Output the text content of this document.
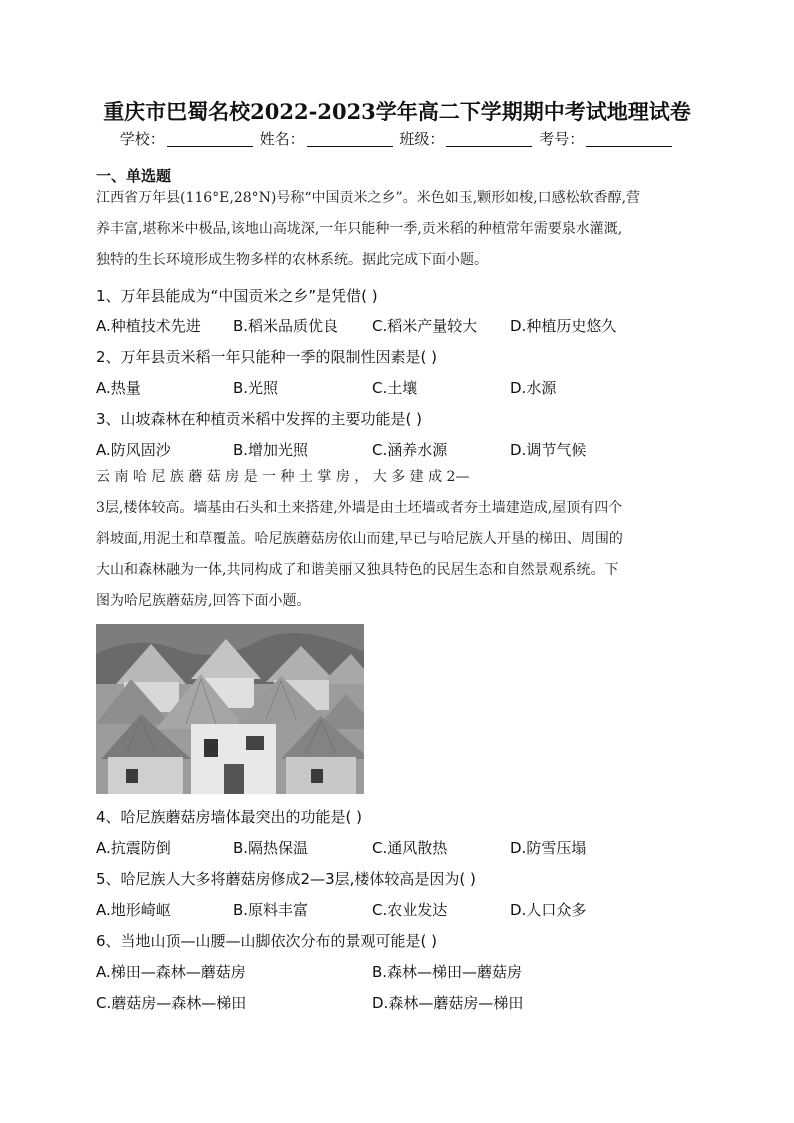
重庆市巴蜀名校2022-2023学年高二下学期期中考试地理试卷
学校：	姓名：	班级：	考号：
一、单选题
江西省万年县(116°E,28°N)号称“中国贡米之乡”。米色如玉,颗形如梭,口感松软香醇,营
养丰富,堪称米中极品,该地山高垅深,一年只能种一季,贡米稻的种植常年需要泉水灌溉,
独特的生长环境形成生物多样的农林系统。据此完成下面小题。
1、万年县能成为“中国贡米之乡”是凭借( )
A.种植技术先进 B.稻米品质优良 C.稻米产量较大 D.种植历史悠久
2、万年县贡米稻一年只能种一季的限制性因素是( )
A.热量	B.光照	C.土壤	D.水源
3、山坡森林在种植贡米稻中发挥的主要功能是( )
A.防风固沙	B.增加光照	C.涵养水源	D.调节气候
云 南 哈 尼 族 蘑 菇 房 是 一 种 土 掌 房 ， 大 多 建 成 2—
3层,楼体较高。墙基由石头和土来搭建,外墙是由土坯墙或者夯土墙建造成,屋顶有四个
斜坡面,用泥土和草覆盖。哈尼族蘑菇房依山而建,早已与哈尼族人开垦的梯田、周围的
大山和森林融为一体,共同构成了和谐美丽又独具特色的民居生态和自然景观系统。下
图为哈尼族蘑菇房,回答下面小题。
4、哈尼族蘑菇房墙体最突出的功能是( )
A.抗震防倒	B.隔热保温	C.通风散热	D.防雪压塌
5、哈尼族人大多将蘑菇房修成2—3层,楼体较高是因为( )
A.地形崎岖	B.原料丰富	C.农业发达	D.人口众多
6、当地山顶—山腰—山脚依次分布的景观可能是( )
A.梯田—森林—蘑菇房	B.森林—梯田—蘑菇房
C.蘑菇房—森林—梯田	D.森林—蘑菇房—梯田
